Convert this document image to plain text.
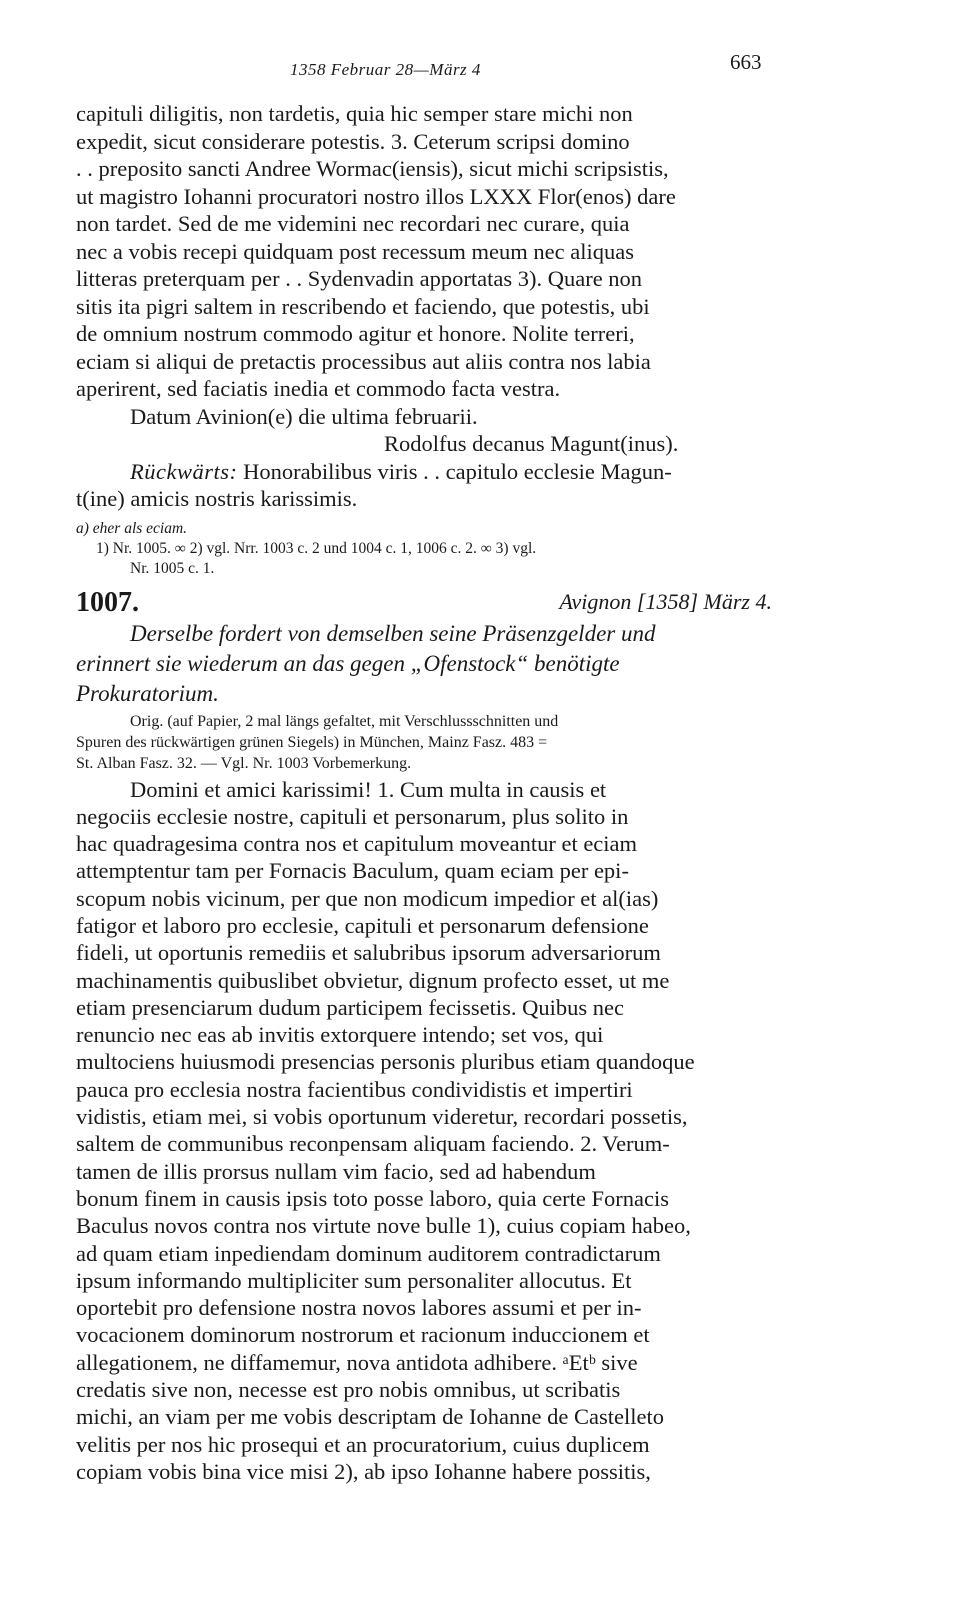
1358 Februar 28—März 4	663
capituli diligitis, non tardetis, quia hic semper stare michi non
expedit, sicut considerare potestis. 3. Ceterum scripsi domino
. . preposito sancti Andree Wormac(iensis), sicut michi scripsistis,
ut magistro Iohanni procuratori nostro illos LXXX Flor(enos) dare
non tardet. Sed de me videmini nec recordari nec curare, quia
nec a vobis recepi quidquam post recessum meum nec aliquas
litteras preterquam per . . Sydenvadin apportatas 3). Quare non
sitis ita pigri saltem in rescribendo et faciendo, que potestis, ubi
de omnium nostrum commodo agitur et honore. Nolite terreri,
eciam si aliqui de pretactis processibus aut aliis contra nos labia
aperirent, sed faciatis inedia et commodo facta vestra.
Datum Avinion(e) die ultima februarii.
Rodolfus decanus Magunt(inus).
Rückwärts: Honorabilibus viris . . capitulo ecclesie Magun-
t(ine) amicis nostris karissimis.
a) eher als eciam.
1) Nr. 1005. ∞ 2) vgl. Nrr. 1003 c. 2 und 1004 c. 1, 1006 c. 2. ∞ 3) vgl.
Nr. 1005 c. 1.
1007.	Avignon [1358] März 4.
Derselbe fordert von demselben seine Präsenzgelder und
erinnert sie wiederum an das gegen „Ofenstock“ benötigte
Prokuratorium.
Orig. (auf Papier, 2 mal längs gefaltet, mit Verschlussschnitten und
Spuren des rückwärtigen grünen Siegels) in München, Mainz Fasz. 483 =
St. Alban Fasz. 32. — Vgl. Nr. 1003 Vorbemerkung.
Domini et amici karissimi! 1. Cum multa in causis et
negociis ecclesie nostre, capituli et personarum, plus solito in
hac quadragesima contra nos et capitulum moveantur et eciam
attemptentur tam per Fornacis Baculum, quam eciam per epi-
scopum nobis vicinum, per que non modicum impedior et al(ias)
fatigor et laboro pro ecclesie, capituli et personarum defensione
fideli, ut oportunis remediis et salubribus ipsorum adversariorum
machinamentis quibuslibet obvietur, dignum profecto esset, ut me
etiam presenciarum dudum participem fecissetis. Quibus nec
renuncio nec eas ab invitis extorquere intendo; set vos, qui
multociens huiusmodi presencias personis pluribus etiam quandoque
pauca pro ecclesia nostra facientibus condividistis et impertiri
vidistis, etiam mei, si vobis oportunum videretur, recordari possetis,
saltem de communibus reconpensam aliquam faciendo. 2. Verum-
tamen de illis prorsus nullam vim facio, sed ad habendum
bonum finem in causis ipsis toto posse laboro, quia certe Fornacis
Baculus novos contra nos virtute nove bulle 1), cuius copiam habeo,
ad quam etiam inpediendam dominum auditorem contradictarum
ipsum informando multipliciter sum personaliter allocutus. Et
oportebit pro defensione nostra novos labores assumi et per in-
vocacionem dominorum nostrorum et racionum induccionem et
allegationem, ne diffamemur, nova antidota adhibere. ᵃEtᵇ sive
credatis sive non, necesse est pro nobis omnibus, ut scribatis
michi, an viam per me vobis descriptam de Iohanne de Castelleto
velitis per nos hic prosequi et an procuratorium, cuius duplicem
copiam vobis bina vice misi 2), ab ipso Iohanne habere possitis,
